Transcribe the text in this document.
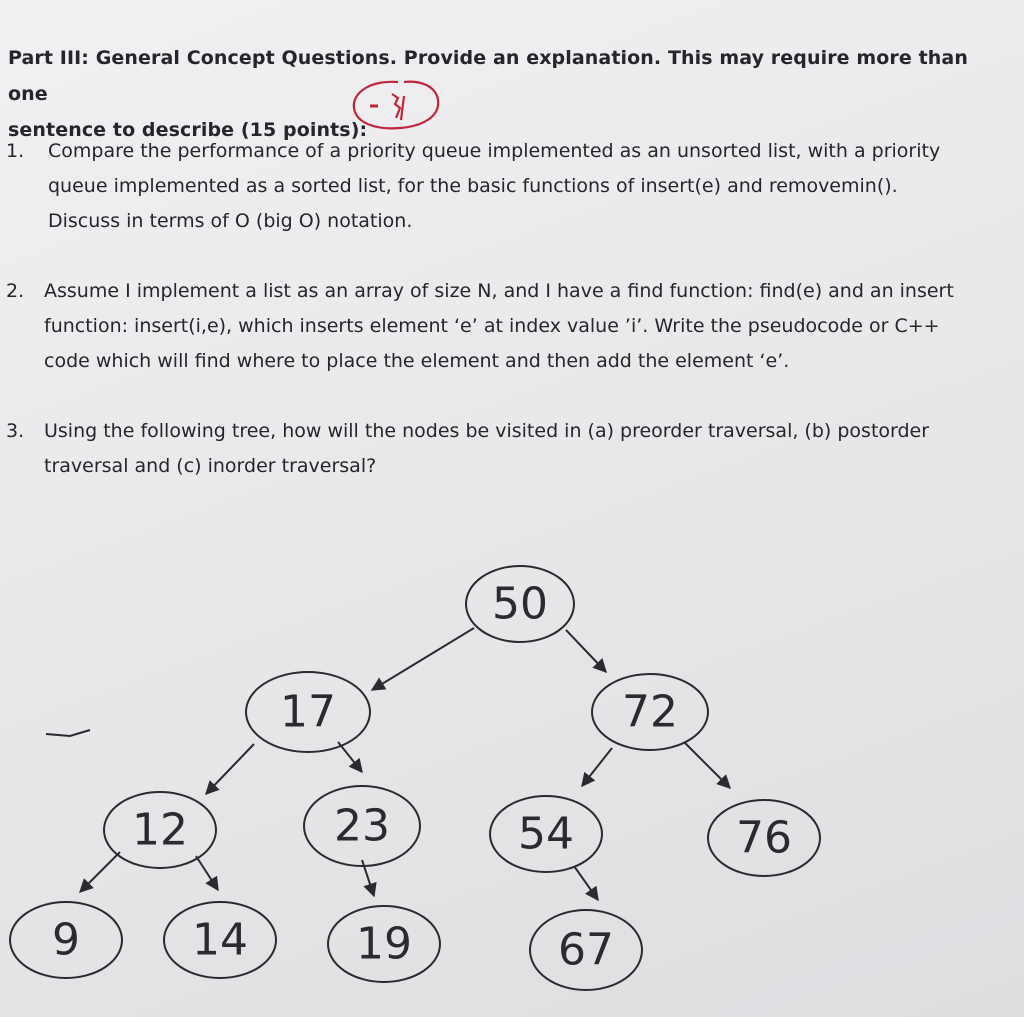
Part III: General Concept Questions. Provide an explanation. This may require more than one
sentence to describe (15 points):
1. Compare the performance of a priority queue implemented as an unsorted list, with a priority
queue implemented as a sorted list, for the basic functions of insert(e) and removemin().
Discuss in terms of O (big O) notation.
2. Assume I implement a list as an array of size N, and I have a find function: find(e) and an insert
function: insert(i,e), which inserts element ‘e’ at index value ’i’. Write the pseudocode or C++
code which will find where to place the element and then add the element ‘e’.
3. Using the following tree, how will the nodes be visited in (a) preorder traversal, (b) postorder
traversal and (c) inorder traversal?
50
17	72
12	23	54	76
9	14 19	67
